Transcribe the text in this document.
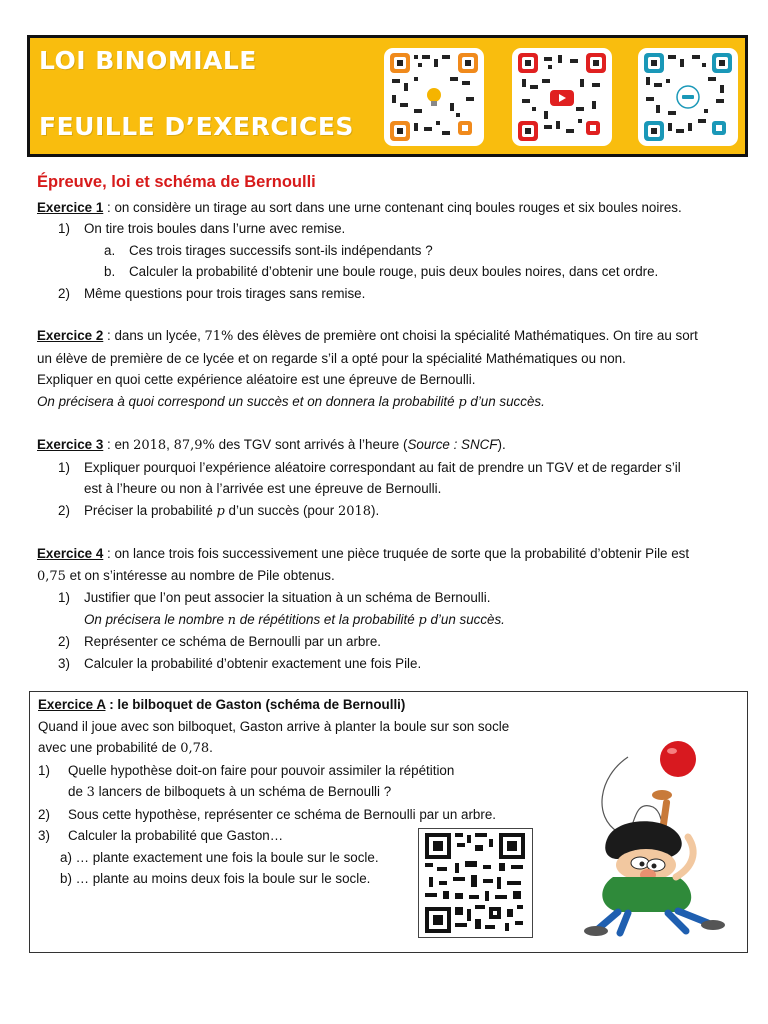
LOI BINOMIALE
FEUILLE D’EXERCICES
Épreuve, loi et schéma de Bernoulli
Exercice 1 : on considère un tirage au sort dans une urne contenant cinq boules rouges et six boules noires.
1) On tire trois boules dans l’urne avec remise.
a. Ces trois tirages successifs sont-ils indépendants ?
b. Calculer la probabilité d’obtenir une boule rouge, puis deux boules noires, dans cet ordre.
2) Même questions pour trois tirages sans remise.
Exercice 2 : dans un lycée, 71% des élèves de première ont choisi la spécialité Mathématiques. On tire au sort
un élève de première de ce lycée et on regarde s’il a opté pour la spécialité Mathématiques ou non.
Expliquer en quoi cette expérience aléatoire est une épreuve de Bernoulli.
On précisera à quoi correspond un succès et on donnera la probabilité p d’un succès.
Exercice 3 : en 2018, 87,9% des TGV sont arrivés à l’heure (Source : SNCF).
1) Expliquer pourquoi l’expérience aléatoire correspondant au fait de prendre un TGV et de regarder s’il
est à l’heure ou non à l’arrivée est une épreuve de Bernoulli.
2) Préciser la probabilité p d’un succès (pour 2018).
Exercice 4 : on lance trois fois successivement une pièce truquée de sorte que la probabilité d’obtenir Pile est
0,75 et on s’intéresse au nombre de Pile obtenus.
1) Justifier que l’on peut associer la situation à un schéma de Bernoulli.
On précisera le nombre n de répétitions et la probabilité p d’un succès.
2) Représenter ce schéma de Bernoulli par un arbre.
3) Calculer la probabilité d’obtenir exactement une fois Pile.
Exercice A : le bilboquet de Gaston (schéma de Bernoulli)
Quand il joue avec son bilboquet, Gaston arrive à planter la boule sur son socle
avec une probabilité de 0,78.
1) Quelle hypothèse doit-on faire pour pouvoir assimiler la répétition
de 3 lancers de bilboquets à un schéma de Bernoulli ?
2) Sous cette hypothèse, représenter ce schéma de Bernoulli par un arbre.
3) Calculer la probabilité que Gaston…
a) … plante exactement une fois la boule sur le socle.
b) … plante au moins deux fois la boule sur le socle.
